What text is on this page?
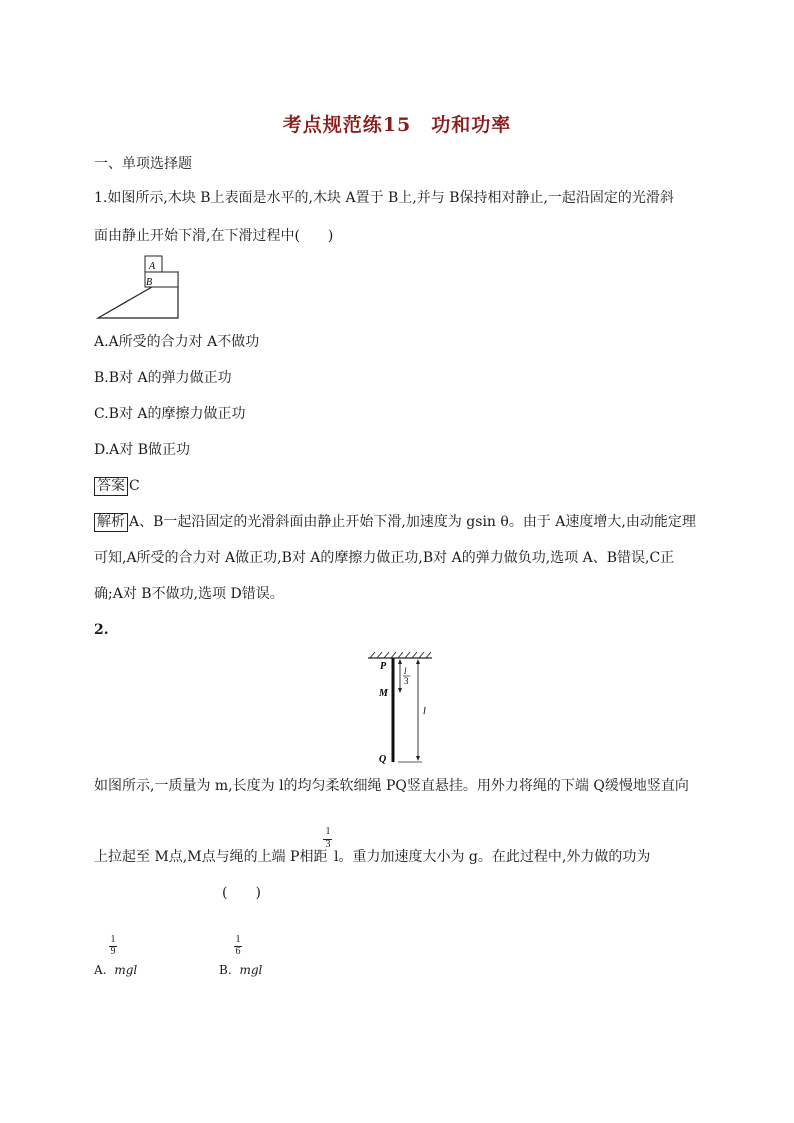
考点规范练15　功和功率
一、单项选择题
1.如图所示,木块 B上表面是水平的,木块 A置于 B上,并与 B保持相对静止,一起沿固定的光滑斜
面由静止开始下滑,在下滑过程中(　　)
A
B
A.A所受的合力对 A不做功
B.B对 A的弹力做正功
C.B对 A的摩擦力做正功
D.A对 B做正功
答案 C
解析 A、B一起沿固定的光滑斜面由静止开始下滑,加速度为 gsin θ。由于 A速度增大,由动能定理
可知,A所受的合力对 A做正功,B对 A的摩擦力做正功,B对 A的弹力做负功,选项 A、B错误,C正
确;A对 B不做功,选项 D错误。
2.
P
M
Q
l
3
l
如图所示,一质量为 m,长度为 l的均匀柔软细绳 PQ竖直悬挂。用外力将绳的下端 Q缓慢地竖直向
1
3
上拉起至 M点,M点与绳的上端 P相距 l。重力加速度大小为 g。在此过程中,外力做的功为
(　　)
1
9
A. mgl
1
6
B. mgl
